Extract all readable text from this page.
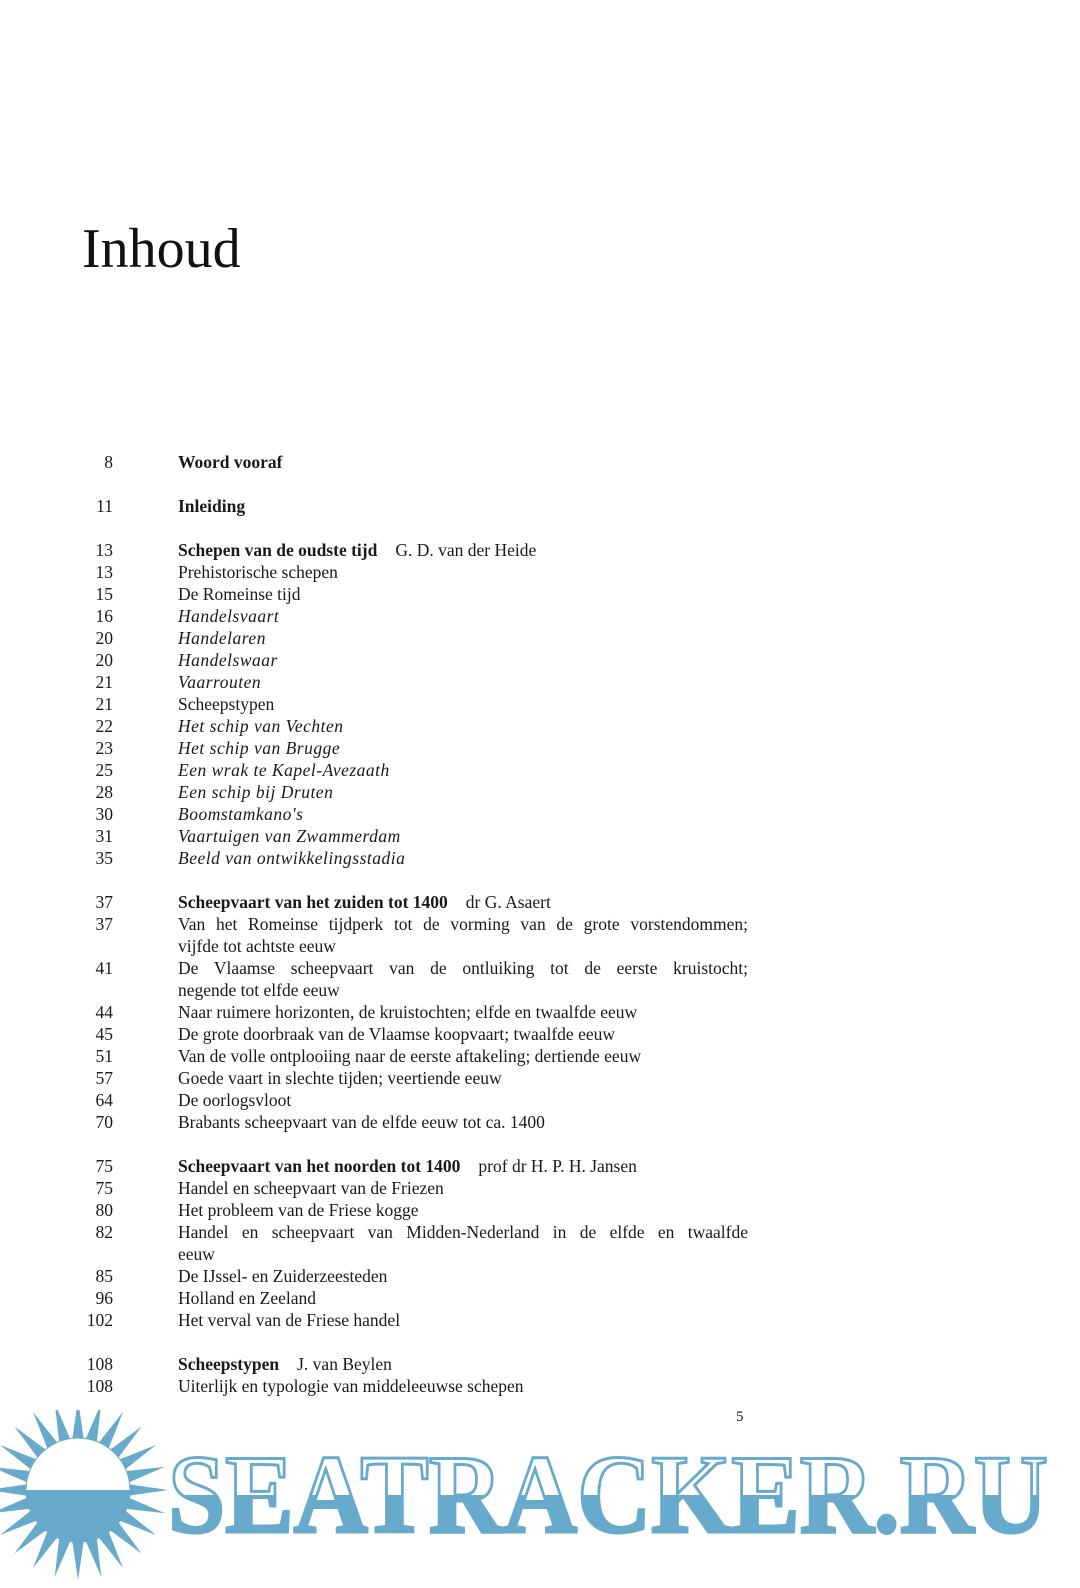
Inhoud
8	Woord vooraf
11	Inleiding
13	Schepen van de oudste tijd G. D. van der Heide
13	Prehistorische schepen
15	De Romeinse tijd
16	Handelsvaart
20	Handelaren
20	Handelswaar
21	Vaarrouten
21	Scheepstypen
22	Het schip van Vechten
23	Het schip van Brugge
25	Een wrak te Kapel-Avezaath
28	Een schip bij Druten
30	Boomstamkano's
31	Vaartuigen van Zwammerdam
35	Beeld van ontwikkelingsstadia
37	Scheepvaart van het zuiden tot 1400 dr G. Asaert
37	Van het Romeinse tijdperk tot de vorming van de grote vorstendommen;
vijfde tot achtste eeuw
41	De Vlaamse scheepvaart van de ontluiking tot de eerste kruistocht;
negende tot elfde eeuw
44	Naar ruimere horizonten, de kruistochten; elfde en twaalfde eeuw
45	De grote doorbraak van de Vlaamse koopvaart; twaalfde eeuw
51	Van de volle ontplooiing naar de eerste aftakeling; dertiende eeuw
57	Goede vaart in slechte tijden; veertiende eeuw
64	De oorlogsvloot
70	Brabants scheepvaart van de elfde eeuw tot ca. 1400
75	Scheepvaart van het noorden tot 1400 prof dr H. P. H. Jansen
75	Handel en scheepvaart van de Friezen
80	Het probleem van de Friese kogge
82	Handel en scheepvaart van Midden-Nederland in de elfde en twaalfde
eeuw
85	De IJssel- en Zuiderzeesteden
96	Holland en Zeeland
102	Het verval van de Friese handel
108	Scheepstypen J. van Beylen
108	Uiterlijk en typologie van middeleeuwse schepen
SEATRACKER.RU
5
